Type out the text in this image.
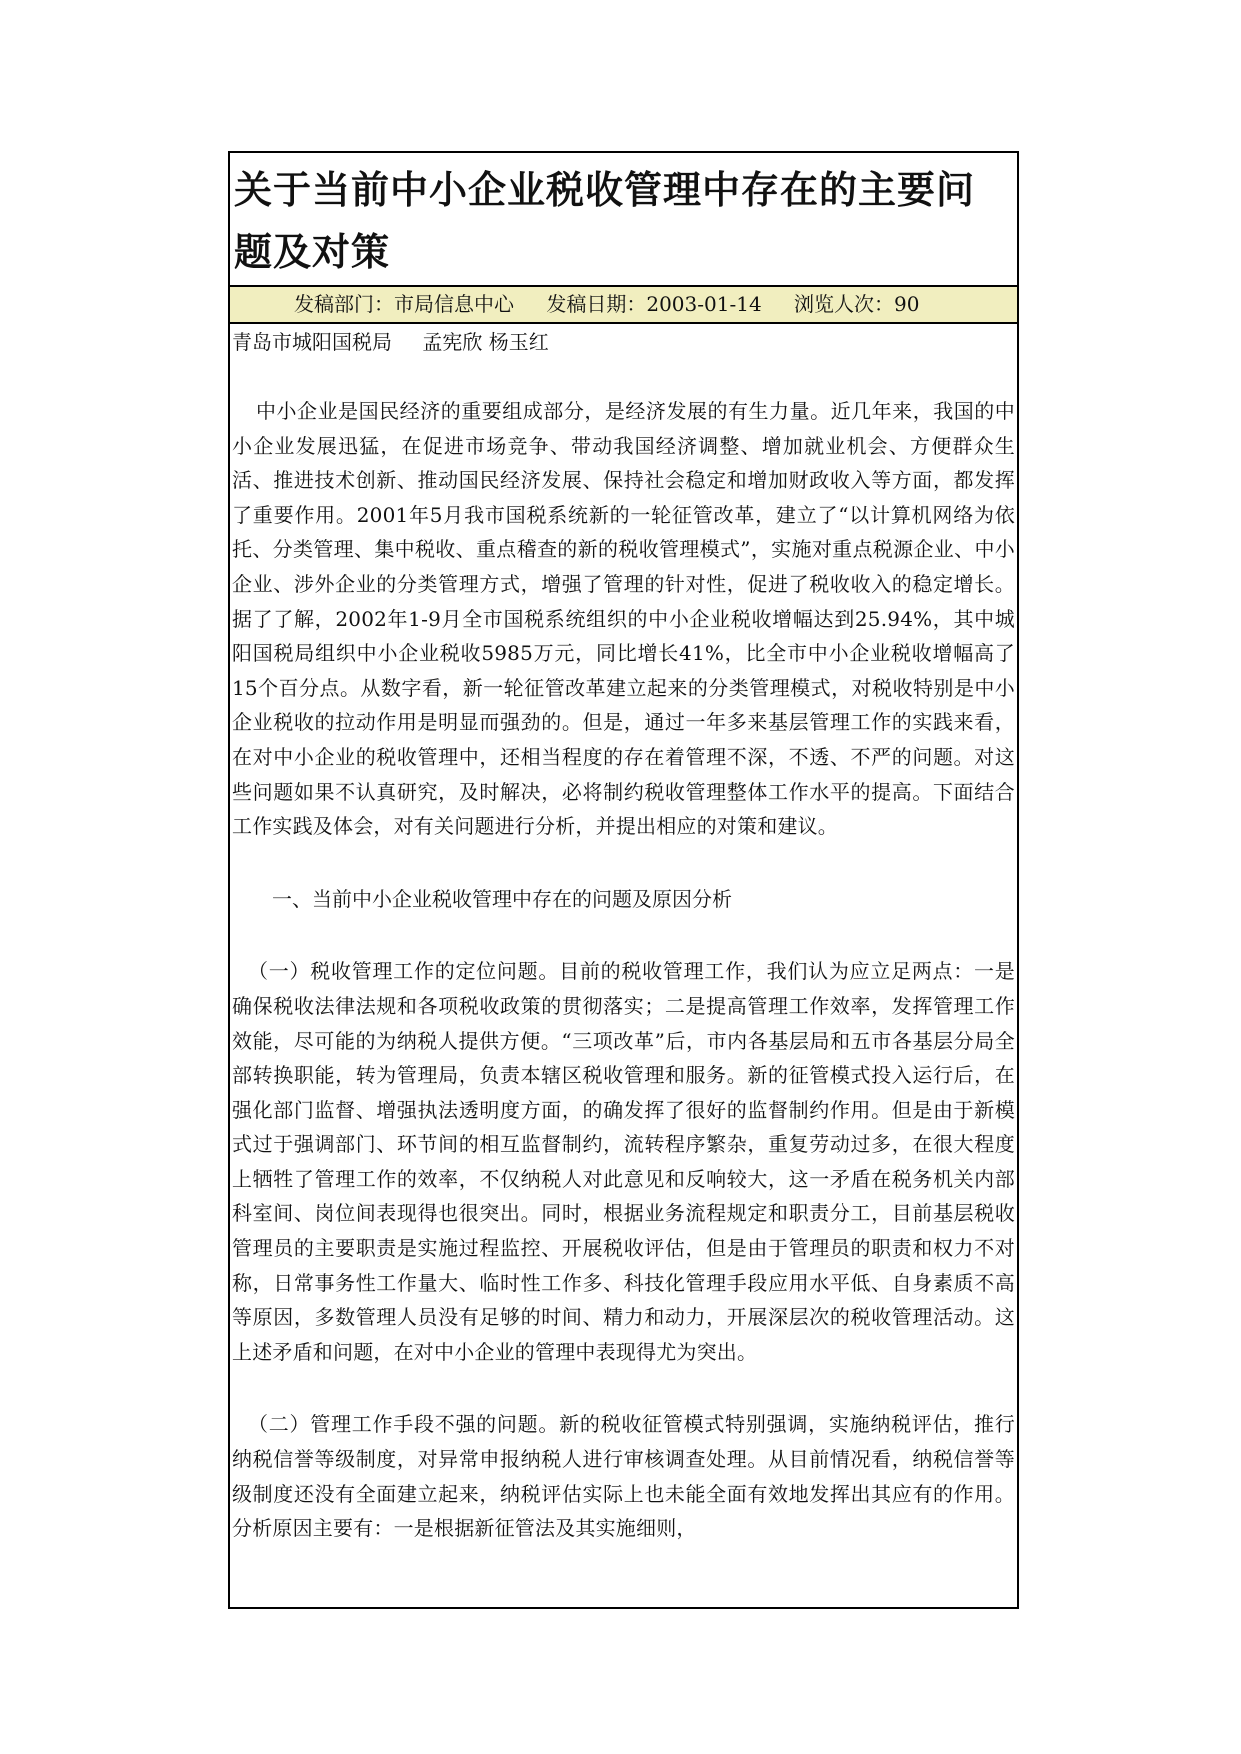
关于当前中小企业税收管理中存在的主要问题及对策
发稿部门：市局信息中心 发稿日期：2003-01-14 浏览人次：90

青岛市城阳国税局 孟宪欣 杨玉红

中小企业是国民经济的重要组成部分，是经济发展的有生力量。近几年来，我国的中小企业发展迅猛，在促进市场竞争、带动我国经济调整、增加就业机会、方便群众生活、推进技术创新、推动国民经济发展、保持社会稳定和增加财政收入等方面，都发挥了重要作用。2001年5月我市国税系统新的一轮征管改革，建立了“以计算机网络为依托、分类管理、集中税收、重点稽查的新的税收管理模式”，实施对重点税源企业、中小企业、涉外企业的分类管理方式，增强了管理的针对性，促进了税收收入的稳定增长。据了了解，2002年1-9月全市国税系统组织的中小企业税收增幅达到25.94%，其中城阳国税局组织中小企业税收5985万元，同比增长41%，比全市中小企业税收增幅高了15个百分点。从数字看，新一轮征管改革建立起来的分类管理模式，对税收特别是中小企业税收的拉动作用是明显而强劲的。但是，通过一年多来基层管理工作的实践来看，在对中小企业的税收管理中，还相当程度的存在着管理不深，不透、不严的问题。对这些问题如果不认真研究，及时解决，必将制约税收管理整体工作水平的提高。下面结合工作实践及体会，对有关问题进行分析，并提出相应的对策和建议。

一、当前中小企业税收管理中存在的问题及原因分析

（一）税收管理工作的定位问题。目前的税收管理工作，我们认为应立足两点：一是确保税收法律法规和各项税收政策的贯彻落实；二是提高管理工作效率，发挥管理工作效能，尽可能的为纳税人提供方便。“三项改革”后，市内各基层局和五市各基层分局全部转换职能，转为管理局，负责本辖区税收管理和服务。新的征管模式投入运行后，在强化部门监督、增强执法透明度方面，的确发挥了很好的监督制约作用。但是由于新模式过于强调部门、环节间的相互监督制约，流转程序繁杂，重复劳动过多，在很大程度上牺牲了管理工作的效率，不仅纳税人对此意见和反响较大，这一矛盾在税务机关内部科室间、岗位间表现得也很突出。同时，根据业务流程规定和职责分工，目前基层税收管理员的主要职责是实施过程监控、开展税收评估，但是由于管理员的职责和权力不对称，日常事务性工作量大、临时性工作多、科技化管理手段应用水平低、自身素质不高等原因，多数管理人员没有足够的时间、精力和动力，开展深层次的税收管理活动。这上述矛盾和问题，在对中小企业的管理中表现得尤为突出。

（二）管理工作手段不强的问题。新的税收征管模式特别强调，实施纳税评估，推行纳税信誉等级制度，对异常申报纳税人进行审核调查处理。从目前情况看，纳税信誉等级制度还没有全面建立起来，纳税评估实际上也未能全面有效地发挥出其应有的作用。分析原因主要有：一是根据新征管法及其实施细则，
